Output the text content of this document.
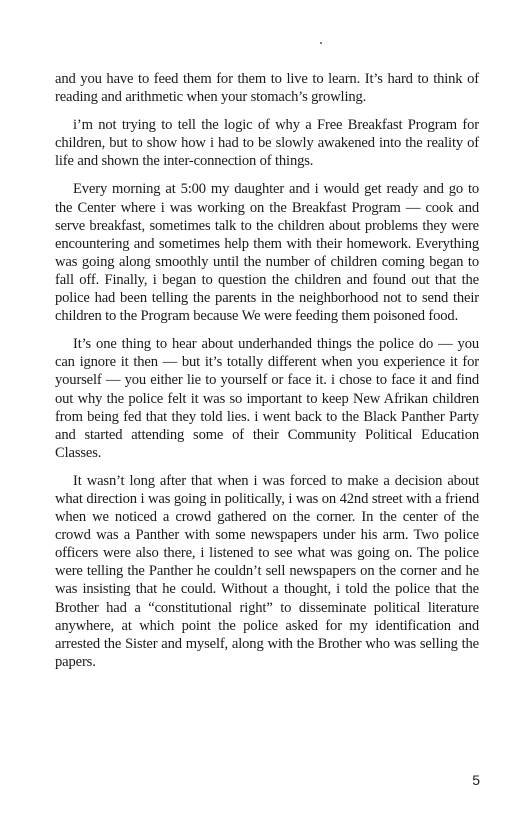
and you have to feed them for them to live to learn. It’s hard to think of reading and arithmetic when your stomach’s growling.

i’m not trying to tell the logic of why a Free Breakfast Program for children, but to show how i had to be slowly awakened into the reality of life and shown the inter-connection of things.

Every morning at 5:00 my daughter and i would get ready and go to the Center where i was working on the Breakfast Program — cook and serve breakfast, sometimes talk to the children about problems they were encountering and sometimes help them with their homework. Everything was going along smoothly until the number of children coming began to fall off. Finally, i began to question the children and found out that the police had been telling the parents in the neighborhood not to send their children to the Program because We were feeding them poisoned food.

It’s one thing to hear about underhanded things the police do — you can ignore it then — but it’s totally different when you experience it for yourself — you either lie to yourself or face it. i chose to face it and find out why the police felt it was so important to keep New Afrikan children from being fed that they told lies. i went back to the Black Panther Party and started attending some of their Community Political Education Classes.

It wasn’t long after that when i was forced to make a decision about what direction i was going in politically, i was on 42nd street with a friend when we noticed a crowd gathered on the corner. In the center of the crowd was a Panther with some newspapers under his arm. Two police officers were also there, i listened to see what was going on. The police were telling the Panther he couldn’t sell newspapers on the corner and he was insisting that he could. Without a thought, i told the police that the Brother had a “constitutional right” to disseminate political literature anywhere, at which point the police asked for my identification and arrested the Sister and myself, along with the Brother who was selling the papers.

5
